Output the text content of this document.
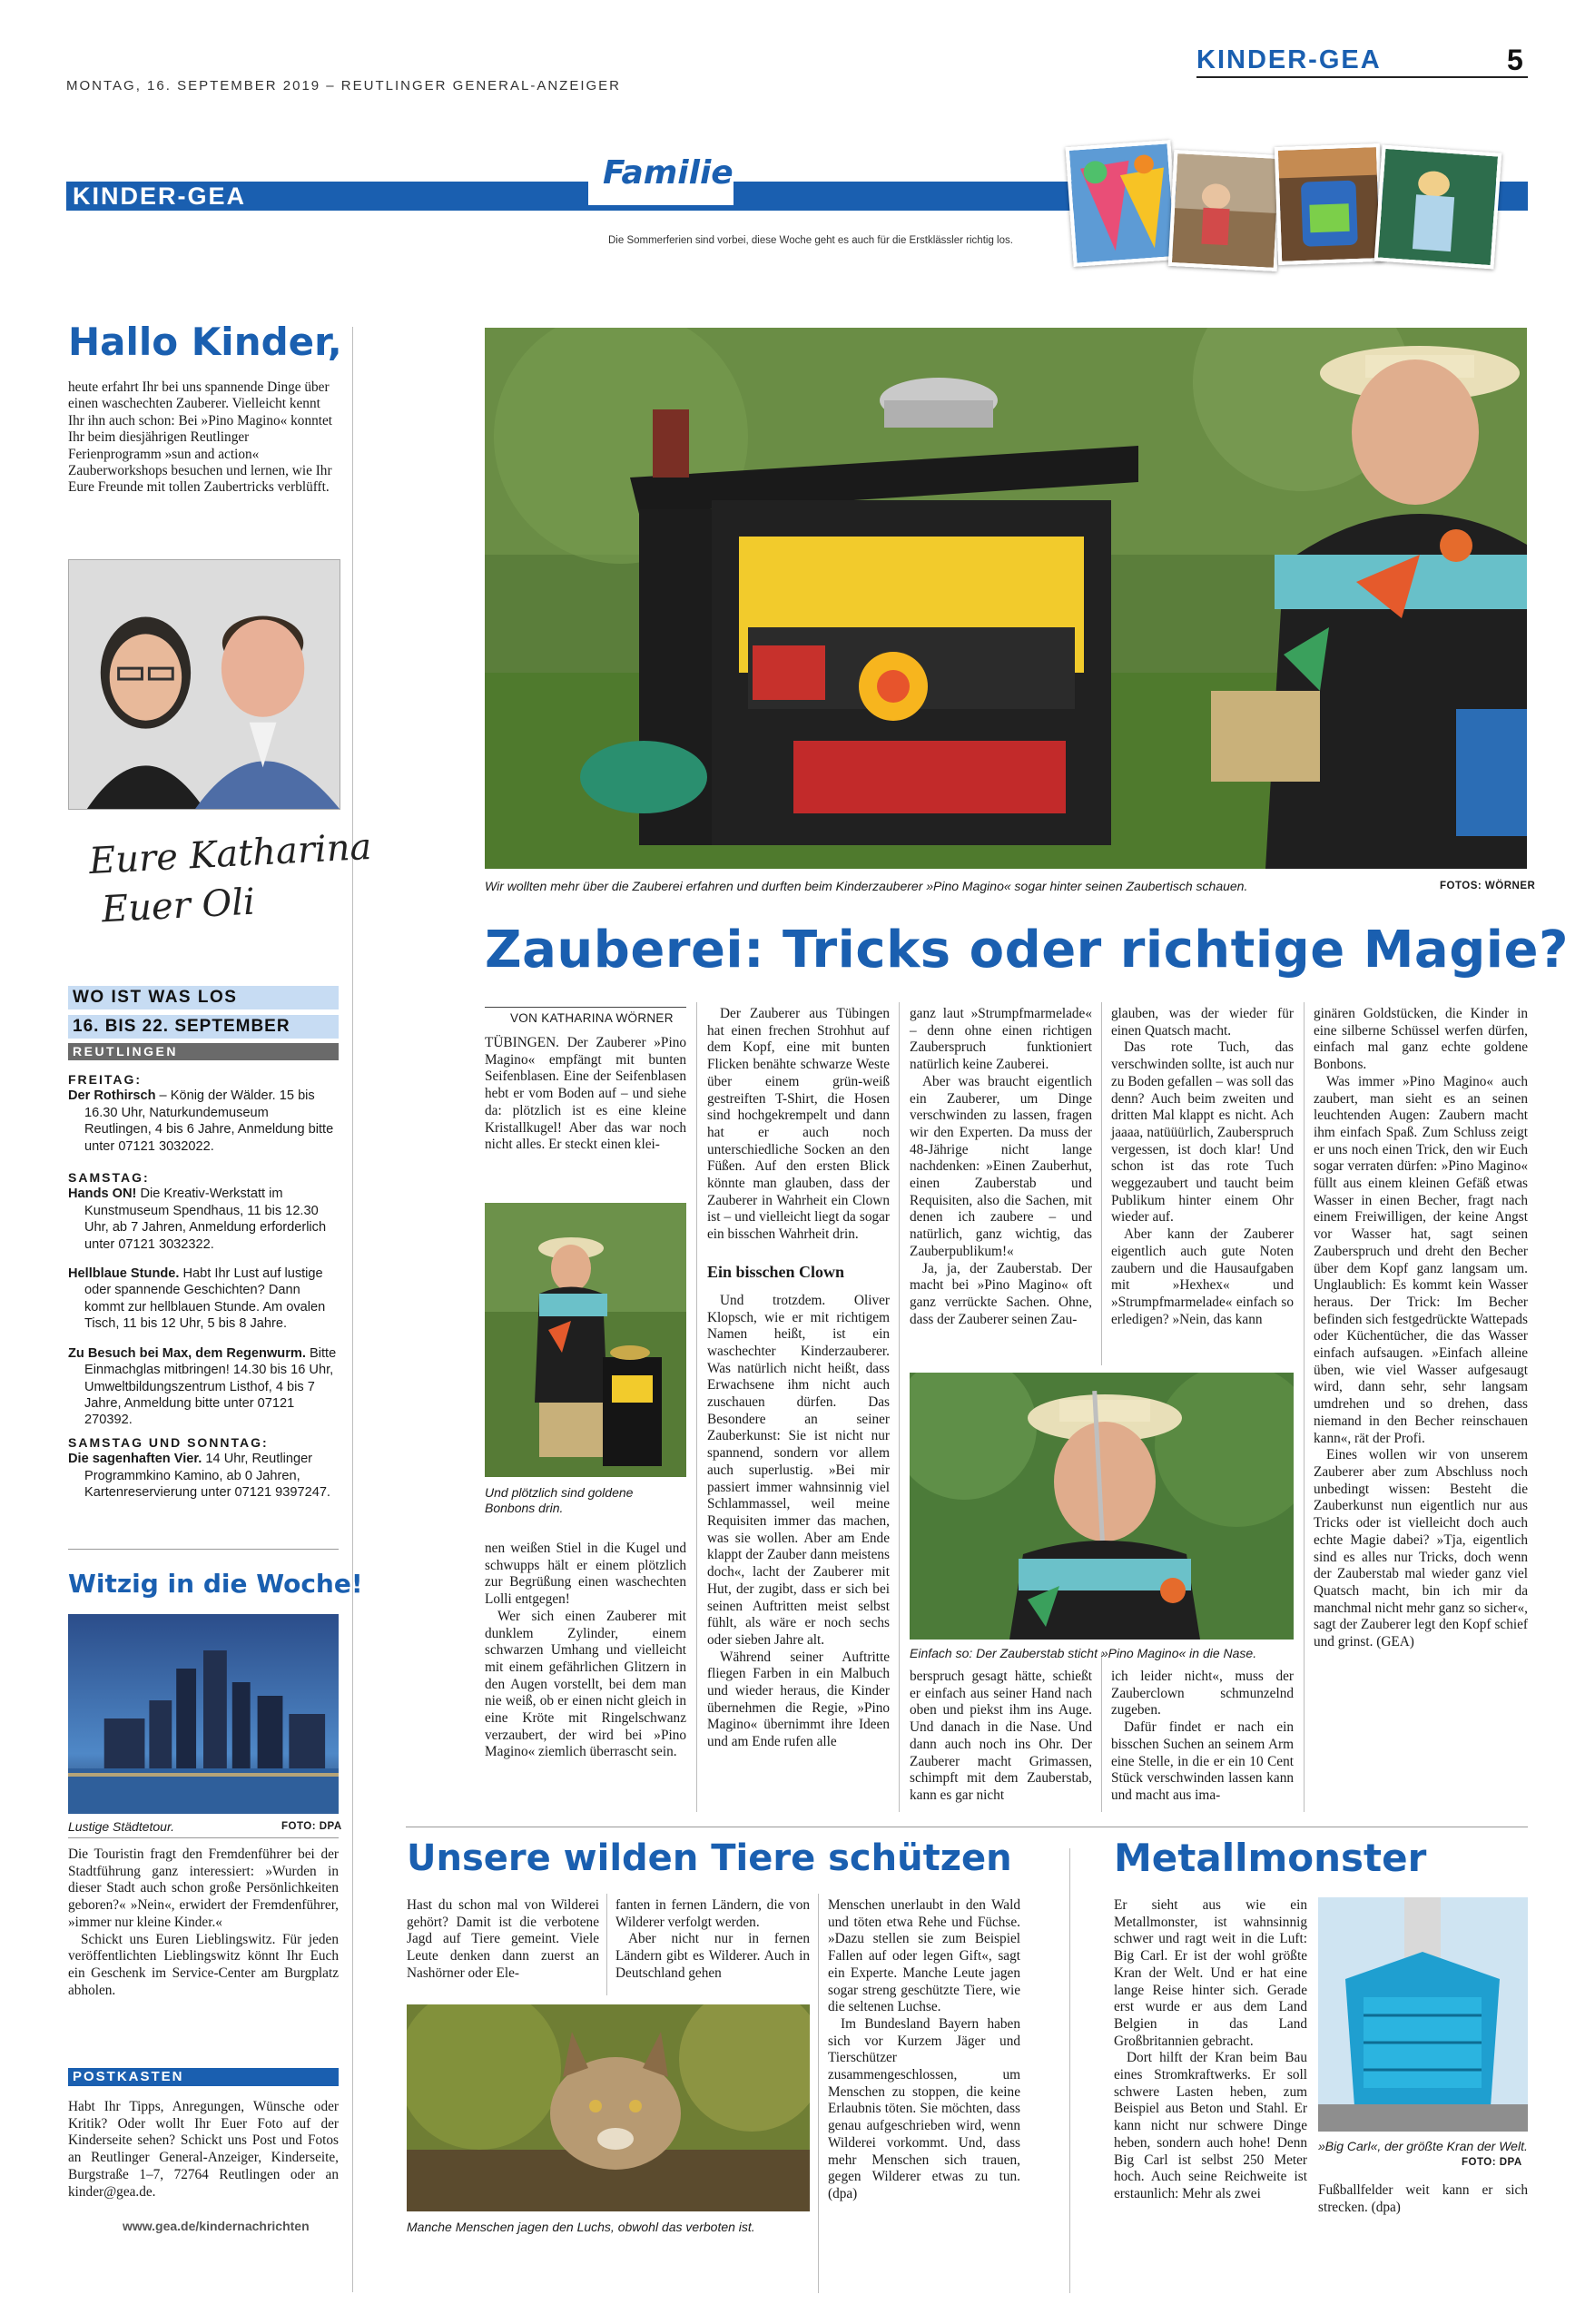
MONTAG, 16. SEPTEMBER 2019 – REUTLINGER GENERAL-ANZEIGER
KINDER-GEA	5
KINDER-GEA
Familie
Die Sommerferien sind vorbei, diese Woche geht es auch für die Erstklässler richtig los.
Hallo Kinder,
heute erfahrt Ihr bei uns spannende Dinge über einen waschechten Zauberer. Vielleicht kennt Ihr ihn auch schon: Bei »Pino Magino« konntet Ihr beim diesjährigen Reutlinger Ferienprogramm »sun and action« Zauberworkshops besuchen und lernen, wie Ihr Eure Freunde mit tollen Zaubertricks verblüfft.
Eure Katharina
Euer Oli
WO IST WAS LOS
16. BIS 22. SEPTEMBER
REUTLINGEN
FREITAG:

Der Rothirsch – König der Wälder. 15 bis 16.30 Uhr, Naturkundemuseum Reutlingen, 4 bis 6 Jahre, Anmeldung bitte unter 07121 3032022.

SAMSTAG:

Hands ON! Die Kreativ-Werkstatt im Kunstmuseum Spendhaus, 11 bis 12.30 Uhr, ab 7 Jahren, Anmeldung erforderlich unter 07121 3032322.

Hellblaue Stunde. Habt Ihr Lust auf lustige oder spannende Geschichten? Dann kommt zur hellblauen Stunde. Am ovalen Tisch, 11 bis 12 Uhr, 5 bis 8 Jahre.

Zu Besuch bei Max, dem Regenwurm. Bitte Einmachglas mitbringen! 14.30 bis 16 Uhr, Umweltbildungszentrum Listhof, 4 bis 7 Jahre, Anmeldung bitte unter 07121 270392.

SAMSTAG UND SONNTAG:

Die sagenhaften Vier. 14 Uhr, Reutlinger Programmkino Kamino, ab 0 Jahren, Kartenreservierung unter 07121 9397247.

Witzig in die Woche!
Lustige Städtetour.	FOTO: DPA

Die Touristin fragt den Fremdenführer bei der Stadtführung ganz interessiert: »Wurden in dieser Stadt auch schon große Persönlichkeiten geboren?« »Nein«, erwidert der Fremdenführer, »immer nur kleine Kinder.«

Schickt uns Euren Lieblingswitz. Für jeden veröffentlichten Lieblingswitz könnt Ihr Euch ein Geschenk im Service-Center am Burgplatz abholen.

POSTKASTEN

Habt Ihr Tipps, Anregungen, Wünsche oder Kritik? Oder wollt Ihr Euer Foto auf der Kinderseite sehen? Schickt uns Post und Fotos an Reutlinger General-Anzeiger, Kinderseite, Burgstraße 1–7, 72764 Reutlingen oder an kinder@gea.de.

www.gea.de/kindernachrichten
Wir wollten mehr über die Zauberei erfahren und durften beim Kinderzauberer »Pino Magino« sogar hinter seinen Zaubertisch schauen.	FOTOS: WÖRNER
Zauberei: Tricks oder richtige Magie?
VON KATHARINA WÖRNER

TÜBINGEN. Der Zauberer »Pino Magino« empfängt mit bunten Seifenblasen. Eine der Seifenblasen hebt er vom Boden auf – und siehe da: plötzlich ist es eine kleine Kristallkugel! Aber das war noch nicht alles. Er steckt einen klei-

Und plötzlich sind goldene Bonbons drin.

nen weißen Stiel in die Kugel und schwupps hält er einem plötzlich zur Begrüßung einen waschechten Lolli entgegen!

Wer sich einen Zauberer mit dunklem Zylinder, einem schwarzen Umhang und vielleicht mit einem gefährlichen Glitzern in den Augen vorstellt, bei dem man nie weiß, ob er einen nicht gleich in eine Kröte mit Ringelschwanz verzaubert, der wird bei »Pino Magino« ziemlich überrascht sein.

Der Zauberer aus Tübingen hat einen frechen Strohhut auf dem Kopf, eine mit bunten Flicken benähte schwarze Weste über einem grün-weiß gestreiften T-Shirt, die Hosen sind hochgekrempelt und dann hat er auch noch unterschiedliche Socken an den Füßen. Auf den ersten Blick könnte man glauben, dass der Zauberer in Wahrheit ein Clown ist – und vielleicht liegt da sogar ein bisschen Wahrheit drin.

Ein bisschen Clown

Und trotzdem. Oliver Klopsch, wie er mit richtigem Namen heißt, ist ein waschechter Kinderzauberer. Was natürlich nicht heißt, dass Erwachsene ihm nicht auch zuschauen dürfen. Das Besondere an seiner Zauberkunst: Sie ist nicht nur spannend, sondern vor allem auch superlustig. »Bei mir passiert immer wahnsinnig viel Schlammassel, weil meine Requisiten immer das machen, was sie wollen. Aber am Ende klappt der Zauber dann meistens doch«, lacht der Zauberer mit Hut, der zugibt, dass er sich bei seinen Auftritten meist selbst fühlt, als wäre er noch sechs oder sieben Jahre alt.

Während seiner Auftritte fliegen Farben in ein Malbuch und wieder heraus, die Kinder übernehmen die Regie, »Pino Magino« übernimmt ihre Ideen und am Ende rufen alle

ganz laut »Strumpfmarmelade« – denn ohne einen richtigen Zauberspruch funktioniert natürlich keine Zauberei.

Aber was braucht eigentlich ein Zauberer, um Dinge verschwinden zu lassen, fragen wir den Experten. Da muss der 48-Jährige nicht lange nachdenken: »Einen Zauberhut, einen Zauberstab und Requisiten, also die Sachen, mit denen ich zaubere – und natürlich, ganz wichtig, das Zauberpublikum!«

Ja, ja, der Zauberstab. Der macht bei »Pino Magino« oft ganz verrückte Sachen. Ohne, dass der Zauberer seinen Zau-

glauben, was der wieder für einen Quatsch macht.

Das rote Tuch, das verschwinden sollte, ist auch nur zu Boden gefallen – was soll das denn? Auch beim zweiten und dritten Mal klappt es nicht. Ach jaaaa, natüüürlich, Zauberspruch vergessen, ist doch klar! Und schon ist das rote Tuch weggezaubert und taucht beim Publikum hinter einem Ohr wieder auf.

Aber kann der Zauberer eigentlich auch gute Noten zaubern und die Hausaufgaben mit »Hexhex« und »Strumpfmarmelade« einfach so erledigen? »Nein, das kann

Einfach so: Der Zauberstab sticht »Pino Magino« in die Nase.

berspruch gesagt hätte, schießt er einfach aus seiner Hand nach oben und piekst ihm ins Auge. Und danach in die Nase. Und dann auch noch ins Ohr. Der Zauberer macht Grimassen, schimpft mit dem Zauberstab, kann es gar nicht

ich leider nicht«, muss der Zauberclown schmunzelnd zugeben.

Dafür findet er nach ein bisschen Suchen an seinem Arm eine Stelle, in die er ein 10 Cent Stück verschwinden lassen kann und macht aus ima-

ginären Goldstücken, die Kinder in eine silberne Schüssel werfen dürfen, einfach mal ganz echte goldene Bonbons.

Was immer »Pino Magino« auch zaubert, man sieht es an seinen leuchtenden Augen: Zaubern macht ihm einfach Spaß. Zum Schluss zeigt er uns noch einen Trick, den wir Euch sogar verraten dürfen: »Pino Magino« füllt aus einem kleinen Gefäß etwas Wasser in einen Becher, fragt nach einem Freiwilligen, der keine Angst vor Wasser hat, sagt seinen Zauberspruch und dreht den Becher über dem Kopf ganz langsam um. Unglaublich: Es kommt kein Wasser heraus. Der Trick: Im Becher befinden sich festgedrückte Wattepads oder Küchentücher, die das Wasser einfach aufsaugen. »Einfach alleine üben, wie viel Wasser aufgesaugt wird, dann sehr, sehr langsam umdrehen und so drehen, dass niemand in den Becher reinschauen kann«, rät der Profi.

Eines wollen wir von unserem Zauberer aber zum Abschluss noch unbedingt wissen: Besteht die Zauberkunst nun eigentlich nur aus Tricks oder ist vielleicht doch auch echte Magie dabei? »Tja, eigentlich sind es alles nur Tricks, doch wenn der Zauberstab mal wieder ganz viel Quatsch macht, bin ich mir da manchmal nicht mehr ganz so sicher«, sagt der Zauberer legt den Kopf schief und grinst. (GEA)

Unsere wilden Tiere schützen

Hast du schon mal von Wilderei gehört? Damit ist die verbotene Jagd auf Tiere gemeint. Viele Leute denken dann zuerst an Nashörner oder Ele-

fanten in fernen Ländern, die von Wilderer verfolgt werden.

Aber nicht nur in fernen Ländern gibt es Wilderer. Auch in Deutschland gehen

Manche Menschen jagen den Luchs, obwohl das verboten ist.

Menschen unerlaubt in den Wald und töten etwa Rehe und Füchse. »Dazu stellen sie zum Beispiel Fallen auf oder legen Gift«, sagt ein Experte. Manche Leute jagen sogar streng geschützte Tiere, wie die seltenen Luchse.

Im Bundesland Bayern haben sich vor Kurzem Jäger und Tierschützer zusammengeschlossen, um Menschen zu stoppen, die keine Erlaubnis töten. Sie möchten, dass genau aufgeschrieben wird, wenn Wilderei vorkommt. Und, dass mehr Menschen sich trauen, gegen Wilderer etwas zu tun. (dpa)

Metallmonster

Er sieht aus wie ein Metallmonster, ist wahnsinnig schwer und ragt weit in die Luft: Big Carl. Er ist der wohl größte Kran der Welt. Und er hat eine lange Reise hinter sich. Gerade erst wurde er aus dem Land Belgien in das Land Großbritannien gebracht.

Dort hilft der Kran beim Bau eines Stromkraftwerks. Er soll schwere Lasten heben, zum Beispiel aus Beton und Stahl. Er kann nicht nur schwere Dinge heben, sondern auch hohe! Denn Big Carl ist selbst 250 Meter hoch. Auch seine Reichweite ist erstaunlich: Mehr als zwei

»Big Carl«, der größte Kran der Welt.
FOTO: DPA

Fußballfelder weit kann er sich strecken. (dpa)
